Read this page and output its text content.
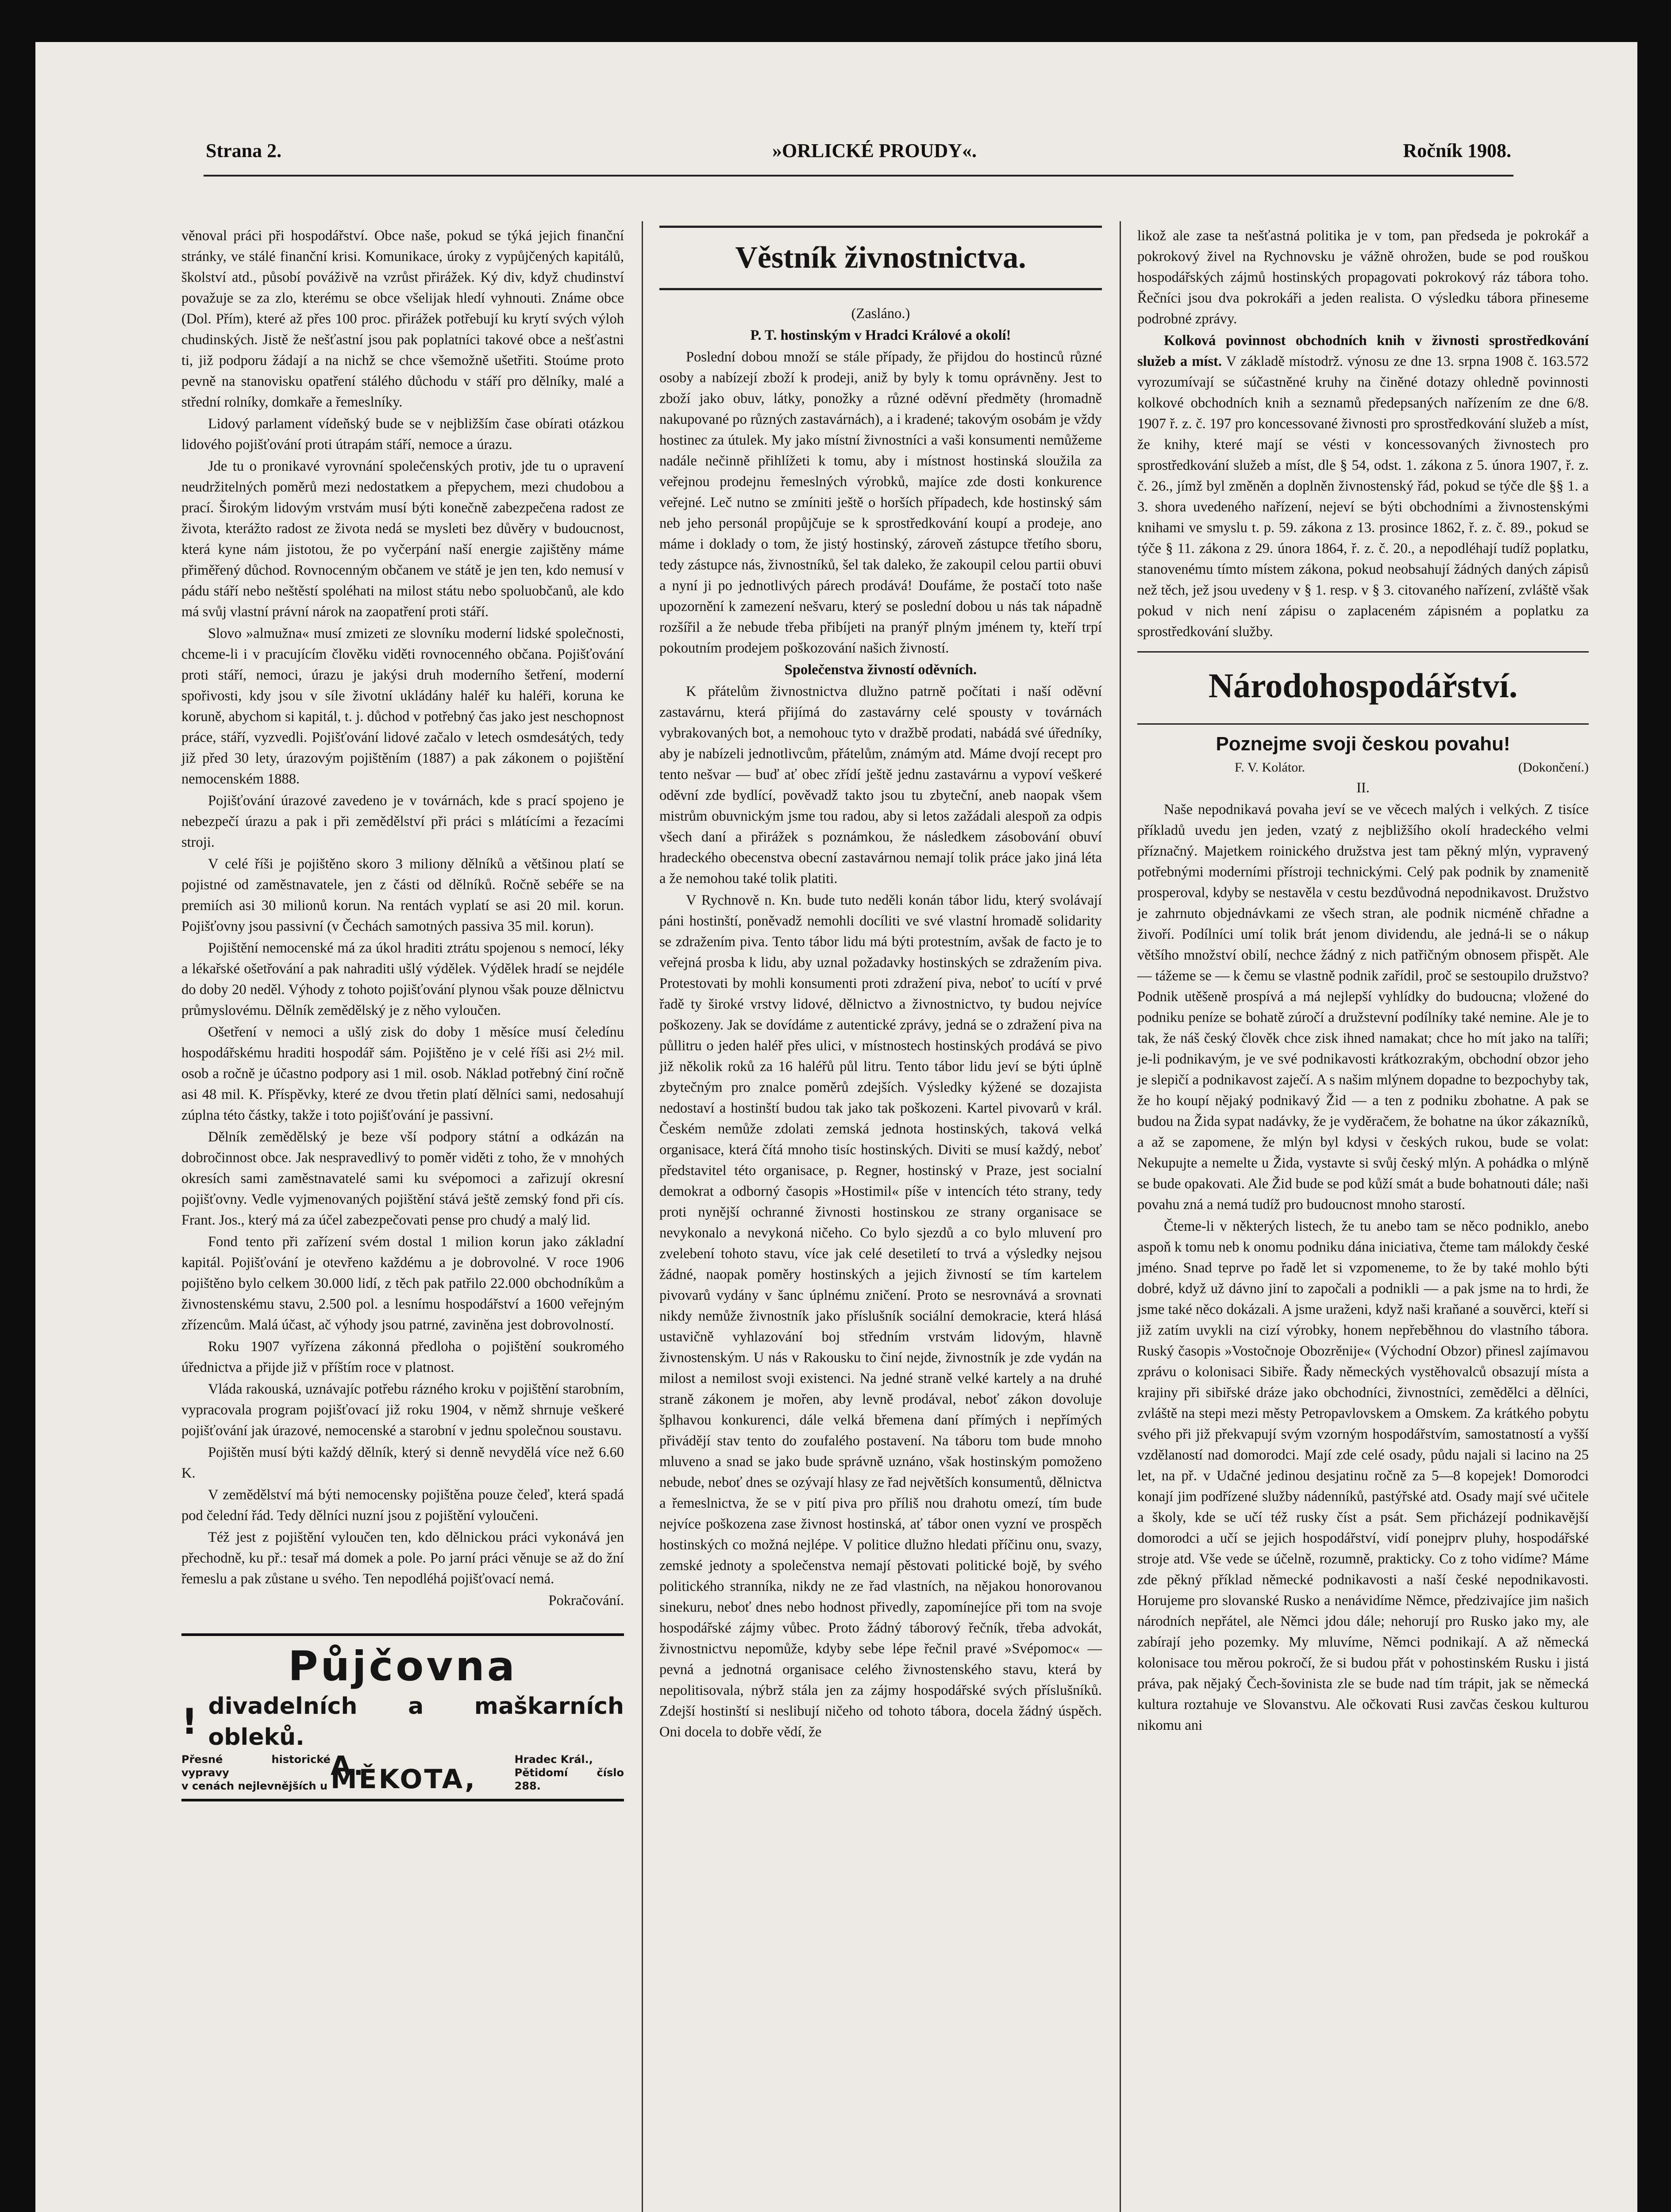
Strana 2.	»ORLICKÉ PROUDY«.	Ročník 1908.

věnoval práci při hospodářství. Obce naše, pokud se týká jejich finanční stránky, ve stálé finanční krisi. Komunikace, úroky z vypůjčených kapitálů, školství atd., působí pováživě na vzrůst přirážek. Ký div, když chudinství považuje se za zlo, kterému se obce všelijak hledí vyhnouti. Známe obce (Dol. Přím), které až přes 100 proc. přirážek potřebují ku krytí svých výloh chudinských. Jistě že nešťastní jsou pak poplatníci takové obce a nešťastni ti, již podporu žádají a na nichž se chce všemožně ušetřiti. Stoúme proto pevně na stanovisku opatření stálého důchodu v stáří pro dělníky, malé a střední rolníky, domkaře a řemeslníky.

Lidový parlament vídeňský bude se v nejbližším čase obírati otázkou lidového pojišťování proti útrapám stáří, nemoce a úrazu.

Jde tu o pronikavé vyrovnání společenských protiv, jde tu o upravení neudržitelných poměrů mezi nedostatkem a přepychem, mezi chudobou a prací. Širokým lidovým vrstvám musí býti konečně zabezpečena radost ze života, kterážto radost ze života nedá se mysleti bez důvěry v budoucnost, která kyne nám jistotou, že po vyčerpání naší energie zajištěny máme přiměřený důchod. Rovnocenným občanem ve státě je jen ten, kdo nemusí v pádu stáří nebo neštěstí spoléhati na milost státu nebo spoluobčanů, ale kdo má svůj vlastní právní nárok na zaopatření proti stáří.

Slovo »almužna« musí zmizeti ze slovníku moderní lidské společnosti, chceme-li i v pracujícím člověku viděti rovnocenného občana. Pojišťování proti stáří, nemoci, úrazu je jakýsi druh moderního šetření, moderní spořivosti, kdy jsou v síle životní ukládány haléř ku haléři, koruna ke koruně, abychom si kapitál, t. j. důchod v potřebný čas jako jest neschopnost práce, stáří, vyzvedli. Pojišťování lidové začalo v letech osmdesátých, tedy již před 30 lety, úrazovým pojištěním (1887) a pak zákonem o pojištění nemocenském 1888.

Pojišťování úrazové zavedeno je v továrnách, kde s prací spojeno je nebezpečí úrazu a pak i při zemědělství při práci s mlátícími a řezacími stroji.

V celé říši je pojištěno skoro 3 miliony dělníků a většinou platí se pojistné od zaměstnavatele, jen z části od dělníků. Ročně sebéře se na premiích asi 30 milionů korun. Na rentách vyplatí se asi 20 mil. korun. Pojišťovny jsou passivní (v Čechách samotných passiva 35 mil. korun).

Pojištění nemocenské má za úkol hraditi ztrátu spojenou s nemocí, léky a lékařské ošetřování a pak nahraditi ušlý výdělek. Výdělek hradí se nejdéle do doby 20 neděl. Výhody z tohoto pojišťování plynou však pouze dělnictvu průmyslovému. Dělník zemědělský je z něho vyloučen.

Ošetření v nemoci a ušlý zisk do doby 1 měsíce musí čeledínu hospodářskému hraditi hospodář sám. Pojištěno je v celé říši asi 2½ mil. osob a ročně je účastno podpory asi 1 mil. osob. Náklad potřebný činí ročně asi 48 mil. K. Příspěvky, které ze dvou třetin platí dělníci sami, nedosahují zúplna této částky, takže i toto pojišťování je passivní.

Dělník zemědělský je beze vší podpory státní a odkázán na dobročinnost obce. Jak nespravedlivý to poměr viděti z toho, že v mnohých okresích sami zaměstnavatelé sami ku svépomoci a zařizují okresní pojišťovny. Vedle vyjmenovaných pojištění stává ještě zemský fond při cís. Frant. Jos., který má za účel zabezpečovati pense pro chudý a malý lid.

Fond tento při zařízení svém dostal 1 milion korun jako základní kapitál. Pojišťování je otevřeno každému a je dobrovolné. V roce 1906 pojištěno bylo celkem 30.000 lidí, z těch pak patřilo 22.000 obchodníkům a živnostenskému stavu, 2.500 pol. a lesnímu hospodářství a 1600 veřejným zřízencům. Malá účast, ač výhody jsou patrné, zaviněna jest dobrovolností.

Roku 1907 vyřízena zákonná předloha o pojištění soukromého úřednictva a přijde již v příštím roce v platnost.

Vláda rakouská, uznávajíc potřebu rázného kroku v pojištění starobním, vypracovala program pojišťovací již roku 1904, v němž shrnuje veškeré pojišťování jak úrazové, nemocenské a starobní v jednu společnou soustavu.

Pojištěn musí býti každý dělník, který si denně nevydělá více než 6.60 K.

V zemědělství má býti nemocensky pojištěna pouze čeleď, která spadá pod čelední řád. Tedy dělníci nuzní jsou z pojištění vyloučeni.

Též jest z pojištění vyloučen ten, kdo dělnickou práci vykonává jen přechodně, ku př.: tesař má domek a pole. Po jarní práci věnuje se až do žní řemeslu a pak zůstane u svého. Ten nepodléhá pojišťovací nemá.

Pokračování.

Půjčovna
! divadelních a maškarních obleků.
Přesné historické vypravy
v cenách nejlevnějších u
A. MĚKOTA,
Hradec Král.,
Pětidomí číslo 288.
Věstník živnostnictva.

(Zasláno.)

P. T. hostinským v Hradci Králové a okolí!

Poslední dobou množí se stále případy, že přijdou do hostinců různé osoby a nabízejí zboží k prodeji, aniž by byly k tomu oprávněny. Jest to zboží jako obuv, látky, ponožky a různé oděvní předměty (hromadně nakupované po různých zastavárnách), a i kradené; takovým osobám je vždy hostinec za útulek. My jako místní živnostníci a vaši konsumenti nemůžeme nadále nečinně přihlížeti k tomu, aby i místnost hostinská sloužila za veřejnou prodejnu řemeslných výrobků, majíce zde dosti konkurence veřejné. Leč nutno se zmíniti ještě o horších případech, kde hostinský sám neb jeho personál propůjčuje se k sprostředkování koupí a prodeje, ano máme i doklady o tom, že jistý hostinský, zároveň zástupce třetího sboru, tedy zástupce nás, živnostníků, šel tak daleko, že zakoupil celou partii obuvi a nyní ji po jednotlivých párech prodává! Doufáme, že postačí toto naše upozornění k zamezení nešvaru, který se poslední dobou u nás tak nápadně rozšířil a že nebude třeba přibíjeti na pranýř plným jménem ty, kteří trpí pokoutním prodejem poškozování našich živností.

Společenstva živností oděvních.

K přátelům živnostnictva dlužno patrně počítati i naší oděvní zastavárnu, která přijímá do zastavárny celé spousty v továrnách vybrakovaných bot, a nemohouc tyto v dražbě prodati, nabádá své úředníky, aby je nabízeli jednotlivcům, přátelům, známým atd. Máme dvojí recept pro tento nešvar — buď ať obec zřídí ještě jednu zastavárnu a vypoví veškeré oděvní zde bydlící, pověvadž takto jsou tu zbyteční, aneb naopak všem mistrům obuvnickým jsme tou radou, aby si letos zažádali alespoň za odpis všech daní a přirážek s poznámkou, že následkem zásobování obuví hradeckého obecenstva obecní zastavárnou nemají tolik práce jako jiná léta a že nemohou také tolik platiti.

V Rychnově n. Kn. bude tuto neděli konán tábor lidu, který svolávají páni hostinští, poněvadž nemohli docíliti ve své vlastní hromadě solidarity se zdražením piva. Tento tábor lidu má býti protestním, avšak de facto je to veřejná prosba k lidu, aby uznal požadavky hostinských se zdražením piva. Protestovati by mohli konsumenti proti zdražení piva, neboť to ucítí v prvé řadě ty široké vrstvy lidové, dělnictvo a živnostnictvo, ty budou nejvíce poškozeny. Jak se dovídáme z autentické zprávy, jedná se o zdražení piva na půllitru o jeden haléř přes ulici, v místnostech hostinských prodává se pivo již několik roků za 16 haléřů půl litru. Tento tábor lidu jeví se býti úplně zbytečným pro znalce poměrů zdejších. Výsledky kýžené se dozajista nedostaví a hostinští budou tak jako tak poškozeni. Kartel pivovarů v král. Českém nemůže zdolati zemská jednota hostinských, taková velká organisace, která čítá mnoho tisíc hostinských. Diviti se musí každý, neboť představitel této organisace, p. Regner, hostinský v Praze, jest socialní demokrat a odborný časopis »Hostimil« píše v intencích této strany, tedy proti nynější ochranné živnosti hostinskou ze strany organisace se nevykonalo a nevykoná ničeho. Co bylo sjezdů a co bylo mluvení pro zvelebení tohoto stavu, více jak celé desetiletí to trvá a výsledky nejsou žádné, naopak poměry hostinských a jejich živností se tím kartelem pivovarů vydány v šanc úplnému zničení. Proto se nesrovnává a srovnati nikdy nemůže živnostník jako příslušník sociální demokracie, která hlásá ustavičně vyhlazování boj středním vrstvám lidovým, hlavně živnostenským. U nás v Rakousku to činí nejde, živnostník je zde vydán na milost a nemilost svoji existenci. Na jedné straně velké kartely a na druhé straně zákonem je mořen, aby levně prodával, neboť zákon dovoluje šplhavou konkurenci, dále velká břemena daní přímých i nepřímých přivádějí stav tento do zoufalého postavení. Na táboru tom bude mnoho mluveno a snad se jako bude správně uznáno, však hostinským pomoženo nebude, neboť dnes se ozývají hlasy ze řad největších konsumentů, dělnictva a řemeslnictva, že se v pití piva pro příliš nou drahotu omezí, tím bude nejvíce poškozena zase živnost hostinská, ať tábor onen vyzní ve prospěch hostinských co možná nejlépe. V politice dlužno hledati příčinu onu, svazy, zemské jednoty a společenstva nemají pěstovati politické bojě, by svého politického stranníka, nikdy ne ze řad vlastních, na nějakou honorovanou sinekuru, neboť dnes nebo hodnost přivedly, zapomínejíce při tom na svoje hospodářské zájmy vůbec. Proto žádný táborový řečník, třeba advokát, živnostnictvu nepomůže, kdyby sebe lépe řečnil pravé »Svépomoc« — pevná a jednotná organisace celého živnostenského stavu, která by nepolitisovala, nýbrž stála jen za zájmy hospodářské svých příslušníků. Zdejší hostinští si neslibují ničeho od tohoto tábora, docela žádný úspěch. Oni docela to dobře vědí, že

likož ale zase ta nešťastná politika je v tom, pan předseda je pokrokář a pokrokový živel na Rychnovsku je vážně ohrožen, bude se pod rouškou hospodářských zájmů hostinských propagovati pokrokový ráz tábora toho. Řečníci jsou dva pokrokáři a jeden realista. O výsledku tábora přineseme podrobné zprávy.

Kolková povinnost obchodních knih v živnosti sprostředkování služeb a míst. V základě místodrž. výnosu ze dne 13. srpna 1908 č. 163.572 vyrozumívají se súčastněné kruhy na činěné dotazy ohledně povinnosti kolkové obchodních knih a seznamů předepsaných nařízením ze dne 6/8. 1907 ř. z. č. 197 pro koncessované živnosti pro sprostředkování služeb a míst, že knihy, které mají se vésti v koncessovaných živnostech pro sprostředkování služeb a míst, dle § 54, odst. 1. zákona z 5. února 1907, ř. z. č. 26., jímž byl změněn a doplněn živnostenský řád, pokud se týče dle §§ 1. a 3. shora uvedeného nařízení, nejeví se býti obchodními a živnostenskými knihami ve smyslu t. p. 59. zákona z 13. prosince 1862, ř. z. č. 89., pokud se týče § 11. zákona z 29. února 1864, ř. z. č. 20., a nepodléhají tudíž poplatku, stanovenému tímto místem zákona, pokud neobsahují žádných daných zápisů než těch, jež jsou uvedeny v § 1. resp. v § 3. citovaného nařízení, zvláště však pokud v nich není zápisu o zaplaceném zápisném a poplatku za sprostředkování služby.

Národohospodářství.
Poznejme svoji českou povahu!
F. V. Kolátor.	(Dokončení.)

II.

Naše nepodnikavá povaha jeví se ve věcech malých i velkých. Z tisíce příkladů uvedu jen jeden, vzatý z nejbližšího okolí hradeckého velmi příznačný. Majetkem roinického družstva jest tam pěkný mlýn, vypravený potřebnými moderními přístroji technickými. Celý pak podnik by znamenitě prosperoval, kdyby se nestavěla v cestu bezdůvodná nepodnikavost. Družstvo je zahrnuto objednávkami ze všech stran, ale podnik nicméně chřadne a živoří. Podílníci umí tolik brát jenom dividendu, ale jedná-li se o nákup většího množství obilí, nechce žádný z nich patřičným obnosem přispět. Ale — tážeme se — k čemu se vlastně podnik zařídil, proč se sestoupilo družstvo? Podnik utěšeně prospívá a má nejlepší vyhlídky do budoucna; vložené do podniku peníze se bohatě zúročí a družstevní podílníky také nemine. Ale je to tak, že náš český člověk chce zisk ihned namakat; chce ho mít jako na talíři; je-li podnikavým, je ve své podnikavosti krátkozrakým, obchodní obzor jeho je slepičí a podnikavost zaječí. A s našim mlýnem dopadne to bezpochyby tak, že ho koupí nějaký podnikavý Žid — a ten z podniku zbohatne. A pak se budou na Žida sypat nadávky, že je vyděračem, že bohatne na úkor zákazníků, a až se zapomene, že mlýn byl kdysi v českých rukou, bude se volat: Nekupujte a nemelte u Žida, vystavte si svůj český mlýn. A pohádka o mlýně se bude opakovati. Ale Žid bude se pod kůží smát a bude bohatnouti dále; naši povahu zná a nemá tudíž pro budoucnost mnoho starostí.

Čteme-li v některých listech, že tu anebo tam se něco podniklo, anebo aspoň k tomu neb k onomu podniku dána iniciativa, čteme tam málokdy české jméno. Snad teprve po řadě let si vzpomeneme, to že by také mohlo býti dobré, když už dávno jiní to započali a podnikli — a pak jsme na to hrdi, že jsme také něco dokázali. A jsme uraženi, když naši kraňané a souvěrci, kteří si již zatím uvykli na cizí výrobky, honem nepřeběhnou do vlastního tábora. Ruský časopis »Vostočnoje Obozrěnije« (Východní Obzor) přinesl zajímavou zprávu o kolonisaci Sibiře. Řady německých vystěhovalců obsazují místa a krajiny při sibiřské dráze jako obchodníci, živnostníci, zemědělci a dělníci, zvláště na stepi mezi městy Petropavlovskem a Omskem. Za krátkého pobytu svého při již překvapují svým vzorným hospodářstvím, samostatností a vyšší vzdělaností nad domorodci. Mají zde celé osady, půdu najali si lacino na 25 let, na př. v Udačné jedinou desjatinu ročně za 5—8 kopejek! Domorodci konají jim podřízené služby nádenníků, pastýřské atd. Osady mají své učitele a školy, kde se učí též rusky číst a psát. Sem přicházejí podnikavější domorodci a učí se jejich hospodářství, vidí ponejprv pluhy, hospodářské stroje atd. Vše vede se účelně, rozumně, prakticky. Co z toho vidíme? Máme zde pěkný příklad německé podnikavosti a naší české nepodnikavosti. Horujeme pro slovanské Rusko a nenávidíme Němce, předzivajíce jim našich národních nepřátel, ale Němci jdou dále; nehorují pro Rusko jako my, ale zabírají jeho pozemky. My mluvíme, Němci podnikají. A až německá kolonisace tou měrou pokročí, že si budou přát v pohostinském Rusku i jistá práva, pak nějaký Čech-šovinista zle se bude nad tím trápit, jak se německá kultura roztahuje ve Slovanstvu. Ale očkovati Rusi zavčas českou kulturou nikomu ani
